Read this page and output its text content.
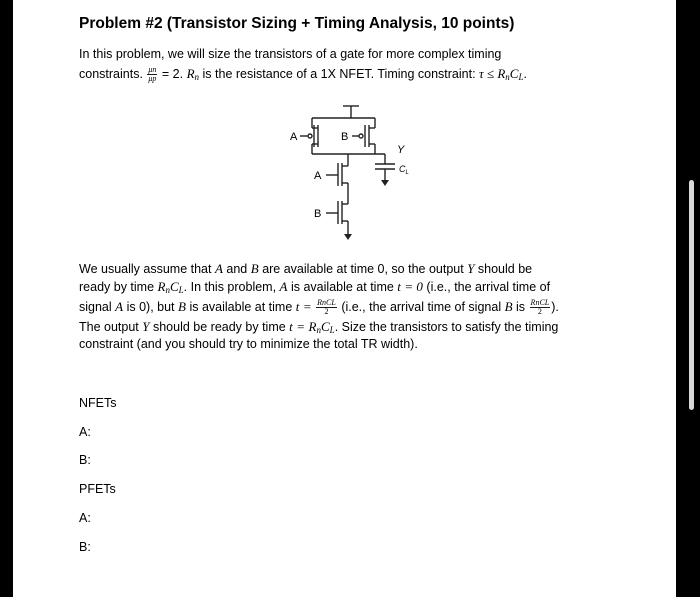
Problem #2 (Transistor Sizing + Timing Analysis, 10 points)
In this problem, we will size the transistors of a gate for more complex timing
constraints. $\frac{\mu n}{\mu p} = 2$. $R_n$ is the resistance of a 1X NFET. Timing constraint: $\tau \le R_nC_L$.
A	B
Y
$C_L$
A
B
We usually assume that A and B are available at time 0, so the output Y should be
ready by time $R_nC_L$. In this problem, A is available at time t = 0 (i.e., the arrival time of
signal A is 0), but B is available at time $t = \frac{\text{RnCL}}{2} (i.e$., the arrival time of signal B is $\frac{\text{RnCL}}{2}$ ).
The output Y should be ready by time $t = R_nC_L$. Size the transistors to satisfy the timing
constraint (and you should try to minimize the total TR width).
NFETs
A:
B:
PFETs
A:
B:
